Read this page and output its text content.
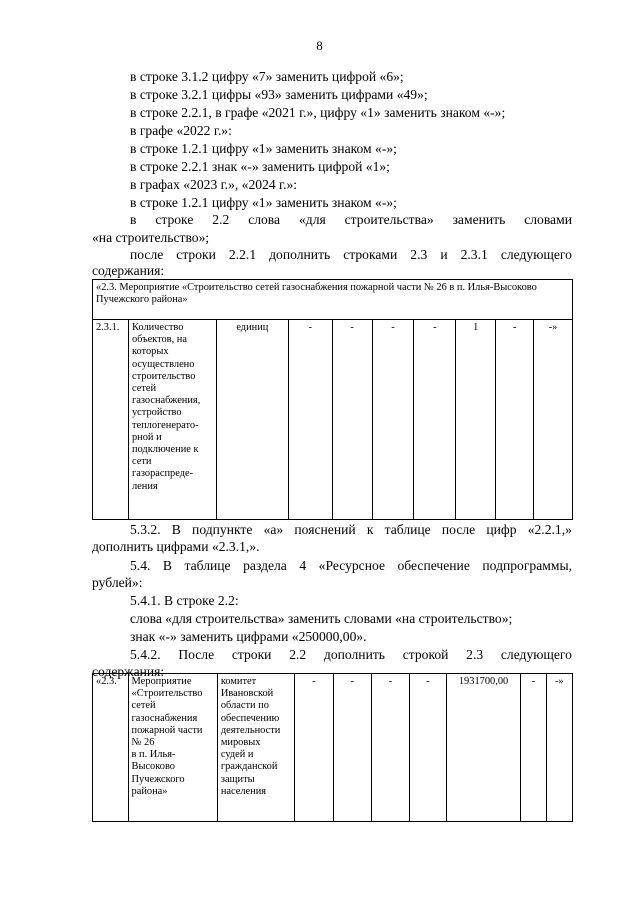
8
в строке 3.1.2 цифру «7» заменить цифрой «6»;
в строке 3.2.1 цифры «93» заменить цифрами «49»;
в строке 2.2.1, в графе «2021 г.», цифру «1» заменить знаком «-»;
в графе «2022 г.»:
в строке 1.2.1 цифру «1» заменить знаком «-»;
в строке 2.2.1 знак «-» заменить цифрой «1»;
в графах «2023 г.», «2024 г.»:
в строке 1.2.1 цифру «1» заменить знаком «-»;
в строке 2.2 слова «для строительства» заменить словами
«на строительство»;
после строки 2.2.1 дополнить строками 2.3 и 2.3.1 следующего
содержания:
«2.3. Мероприятие «Строительство сетей газоснабжения пожарной части № 26 в п. Илья-Высоково Пучежского района»
2.3.1.	Количество
объектов, на
которых
осуществлено
строительство
сетей
газоснабжения,
устройство
теплогенерато-
рной и
подключение к
сети
газораспреде-
ления
	единиц	-	-	-	-	1	-	-»
5.3.2. В подпункте «а» пояснений к таблице после цифр «2.2.1,»
дополнить цифрами «2.3.1,».
5.4. В таблице раздела 4 «Ресурсное обеспечение подпрограммы,
рублей»:
5.4.1. В строке 2.2:
слова «для строительства» заменить словами «на строительство»;
знак «-» заменить цифрами «250000,00».
5.4.2. После строки 2.2 дополнить строкой 2.3 следующего
содержания:
«2.3.	Мероприятие
«Строительство
сетей
газоснабжения
пожарной части
№ 26
в п. Илья-
Высоково
Пучежского
района»

комитет
Ивановской
области по
обеспечению
деятельности
мировых
судей и
гражданской
защиты
населения
	-	-	-	-	1931700,00	-	-»
